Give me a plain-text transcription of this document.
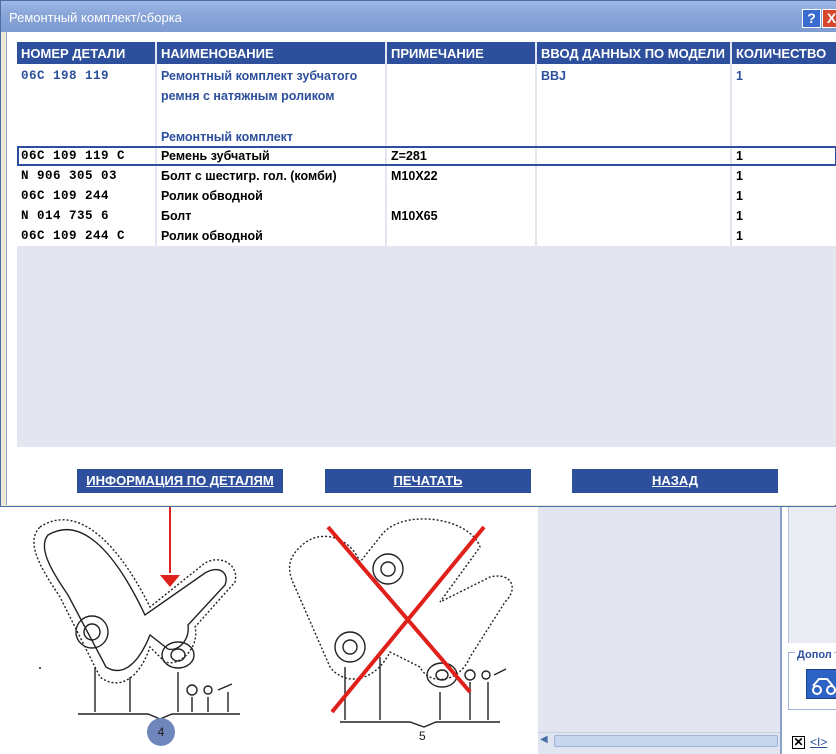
Ремонтный комплект/сборка	? X
НОМЕР ДЕТАЛИ	НАИМЕНОВАНИЕ	ПРИМЕЧАНИЕ	ВВОД ДАННЫХ ПО МОДЕЛИ	КОЛИЧЕСТВО
06C 198 119	Ремонтный комплект зубчатого
ремня с натяжным роликом		BBJ	1
	Ремонтный комплект			
06C 109 119 C	Ремень зубчатый	Z=281		1
N 906 305 03	Болт с шестигр. гол. (комби)	M10X22		1
06C 109 244	Ролик обводной			1
N 014 735 6	Болт	M10X65		1
06C 109 244 C	Ролик обводной			1
ИНФОРМАЦИЯ ПО ДЕТАЛЯМ	ПЕЧАТАТЬ	НАЗАД
◀
Допол
✕ <I>
4	5
